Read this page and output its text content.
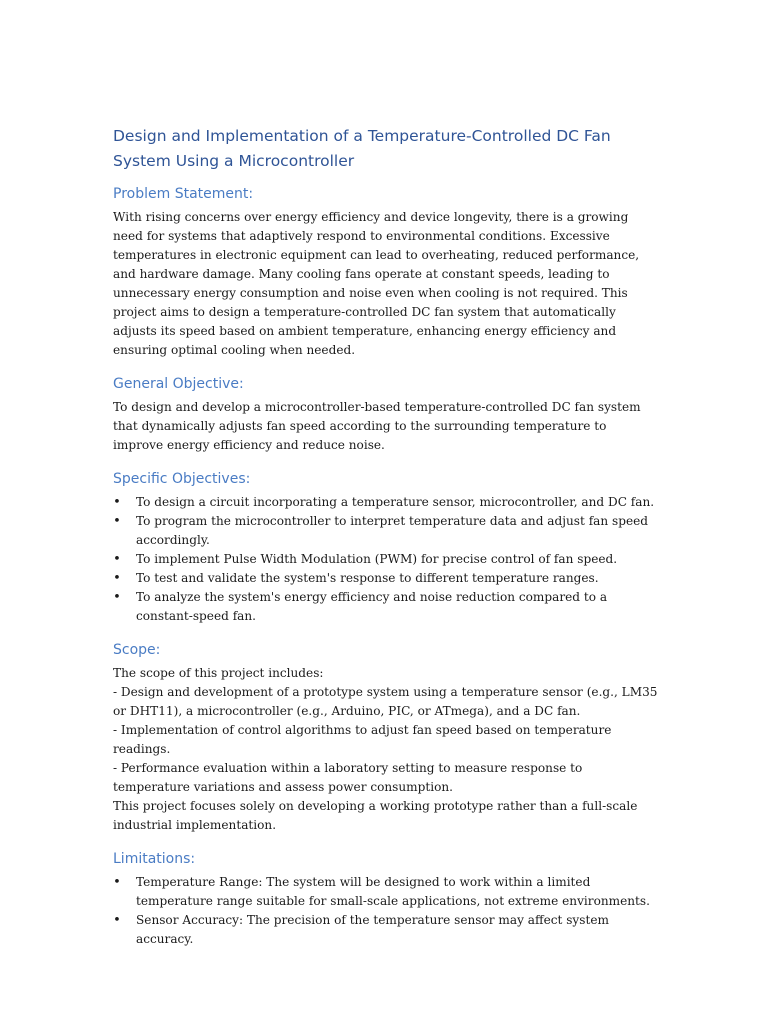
Design and Implementation of a Temperature-Controlled DC Fan System Using a Microcontroller
Problem Statement:

With rising concerns over energy efficiency and device longevity, there is a growing need for systems that adaptively respond to environmental conditions. Excessive temperatures in electronic equipment can lead to overheating, reduced performance, and hardware damage. Many cooling fans operate at constant speeds, leading to unnecessary energy consumption and noise even when cooling is not required. This project aims to design a temperature-controlled DC fan system that automatically adjusts its speed based on ambient temperature, enhancing energy efficiency and ensuring optimal cooling when needed.

General Objective:

To design and develop a microcontroller-based temperature-controlled DC fan system that dynamically adjusts fan speed according to the surrounding temperature to improve energy efficiency and reduce noise.

Specific Objectives:
• To design a circuit incorporating a temperature sensor, microcontroller, and DC fan.
• To program the microcontroller to interpret temperature data and adjust fan speed accordingly.
• To implement Pulse Width Modulation (PWM) for precise control of fan speed.
• To test and validate the system's response to different temperature ranges.
• To analyze the system's energy efficiency and noise reduction compared to a constant-speed fan.
Scope:
The scope of this project includes:
- Design and development of a prototype system using a temperature sensor (e.g., LM35 or DHT11), a microcontroller (e.g., Arduino, PIC, or ATmega), and a DC fan.
- Implementation of control algorithms to adjust fan speed based on temperature readings.
- Performance evaluation within a laboratory setting to measure response to temperature variations and assess power consumption.
This project focuses solely on developing a working prototype rather than a full-scale industrial implementation.
Limitations:
• Temperature Range: The system will be designed to work within a limited temperature range suitable for small-scale applications, not extreme environments.
• Sensor Accuracy: The precision of the temperature sensor may affect system accuracy.
